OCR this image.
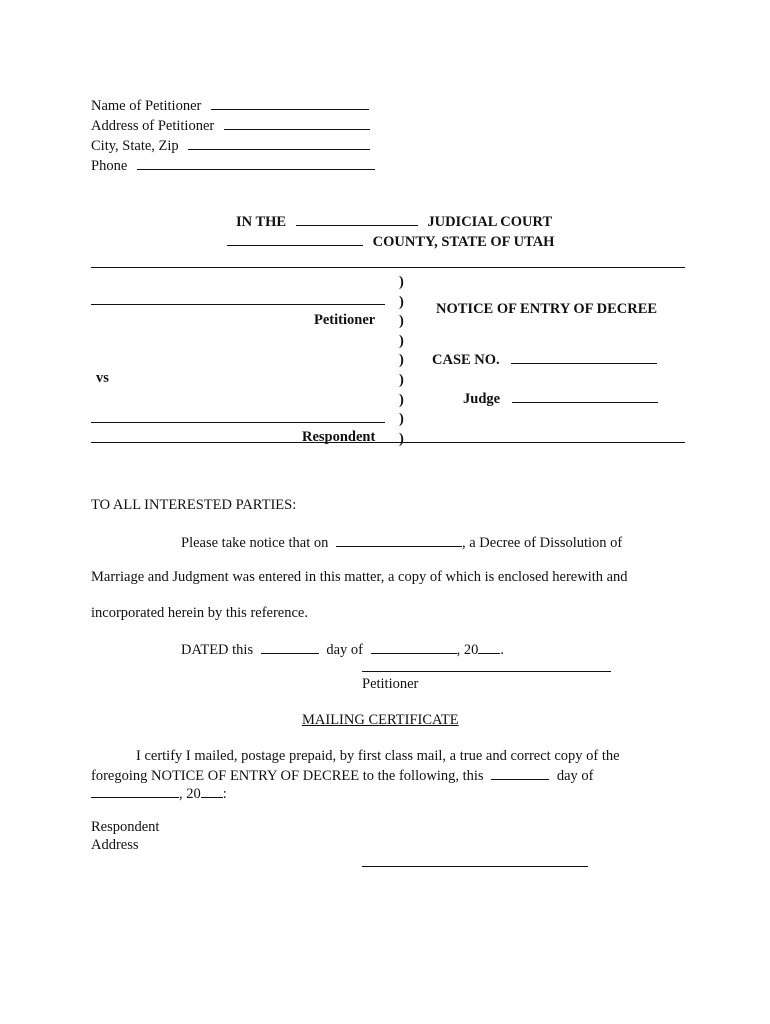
Name of Petitioner
Address of Petitioner
City, State, Zip
Phone
IN THE	JUDICIAL COURT
COUNTY, STATE OF UTAH
)
)
)
)
)
)
)
)
)
Petitioner
vs
Respondent
NOTICE OF ENTRY OF DECREE
CASE NO.
Judge
TO ALL INTERESTED PARTIES:
Please take notice that on	, a Decree of Dissolution of
Marriage and Judgment was entered in this matter, a copy of which is enclosed herewith and
incorporated herein by this reference.
DATED this	day of	, 20 .
Petitioner
MAILING CERTIFICATE
I certify I mailed, postage prepaid, by first class mail, a true and correct copy of the
foregoing NOTICE OF ENTRY OF DECREE to the following, this	day of
, 20 :
Respondent
Address
